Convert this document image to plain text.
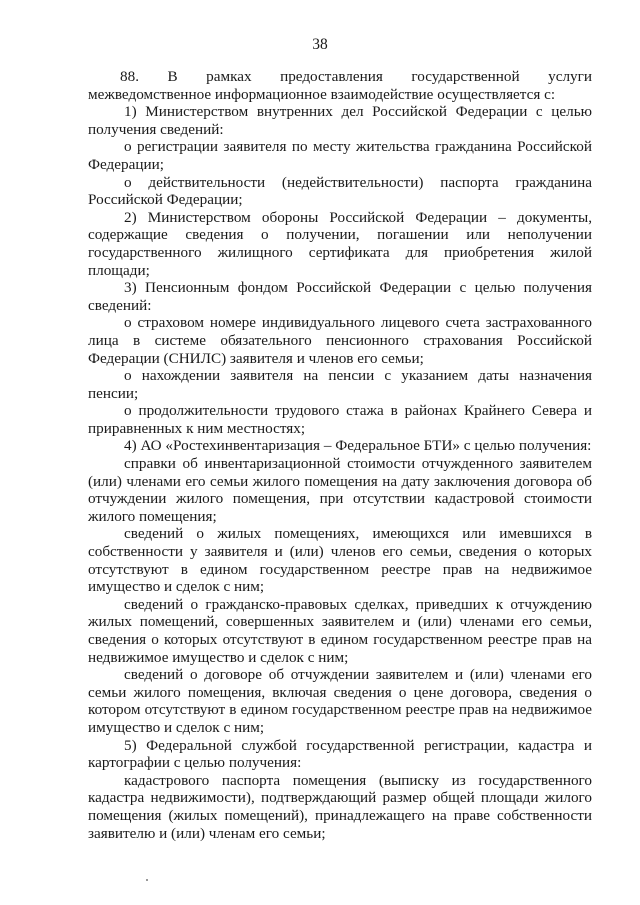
38

88. В рамках предоставления государственной услуги межведомственное информационное взаимодействие осуществляется с:

1) Министерством внутренних дел Российской Федерации с целью получения сведений:

о регистрации заявителя по месту жительства гражданина Российской Федерации;

о действительности (недействительности) паспорта гражданина Российской Федерации;

2) Министерством обороны Российской Федерации – документы, содержащие сведения о получении, погашении или неполучении государственного жилищного сертификата для приобретения жилой площади;

3) Пенсионным фондом Российской Федерации с целью получения сведений:

о страховом номере индивидуального лицевого счета застрахованного лица в системе обязательного пенсионного страхования Российской Федерации (СНИЛС) заявителя и членов его семьи;

о нахождении заявителя на пенсии с указанием даты назначения пенсии;

о продолжительности трудового стажа в районах Крайнего Севера и приравненных к ним местностях;

4) АО «Ростехинвентаризация – Федеральное БТИ» с целью получения:

справки об инвентаризационной стоимости отчужденного заявителем (или) членами его семьи жилого помещения на дату заключения договора об отчуждении жилого помещения, при отсутствии кадастровой стоимости жилого помещения;

сведений о жилых помещениях, имеющихся или имевшихся в собственности у заявителя и (или) членов его семьи, сведения о которых отсутствуют в едином государственном реестре прав на недвижимое имущество и сделок с ним;

сведений о гражданско-правовых сделках, приведших к отчуждению жилых помещений, совершенных заявителем и (или) членами его семьи, сведения о которых отсутствуют в едином государственном реестре прав на недвижимое имущество и сделок с ним;

сведений о договоре об отчуждении заявителем и (или) членами его семьи жилого помещения, включая сведения о цене договора, сведения о котором отсутствуют в едином государственном реестре прав на недвижимое имущество и сделок с ним;

5) Федеральной службой государственной регистрации, кадастра и картографии с целью получения:

кадастрового паспорта помещения (выписку из государственного кадастра недвижимости), подтверждающий размер общей площади жилого помещения (жилых помещений), принадлежащего на праве собственности заявителю и (или) членам его семьи;
